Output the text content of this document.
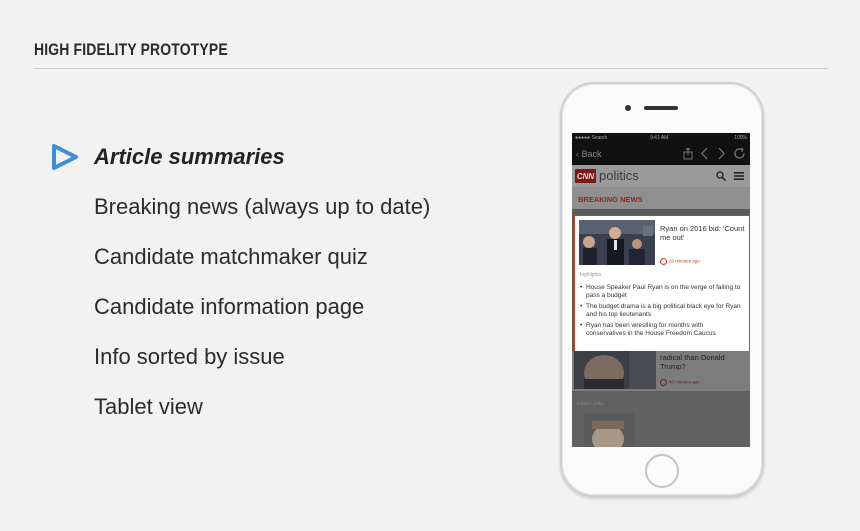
HIGH FIDELITY PROTOTYPE
Article summaries
Breaking news (always up to date)
Candidate matchmaker quiz
Candidate information page
Info sorted by issue
Tablet view
●●●●● Search	9:41 AM	100%
‹ Back
CNN politics
BREAKING NEWS
Ryan on 2016 bid: 'Count me out'
20 minutes ago
highlights
• House Speaker Paul Ryan is on the verge of failing to pass a budget
• The budget drama is a big political black eye for Ryan and his top lieutenants
• Ryan has been wrestling for months with conservatives in the House Freedom Caucus
radical than Donald
Trump?
40 minutes ago
Editors' picks
